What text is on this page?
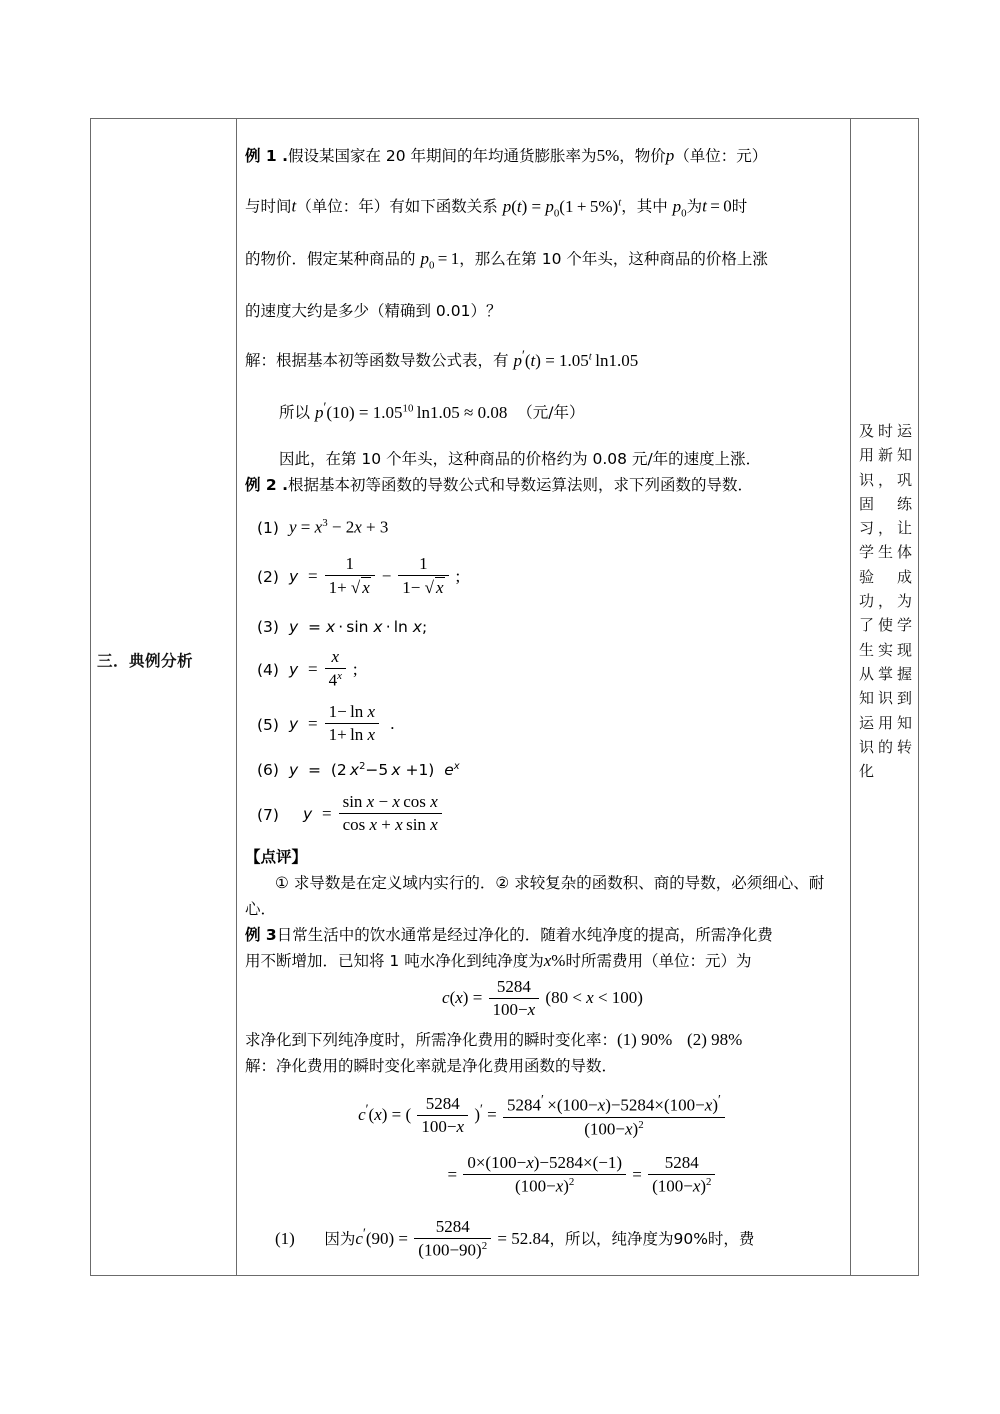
三．典例分析

例 1 .假设某国家在 20 年期间的年均通货膨胀率为5%，物价p（单位：元）

与时间t（单位：年）有如下函数关系 $p(t) = p_0(1 + 5\%)^t$，其中 $p_0$为t = 0时

的物价．假定某种商品的 $p_0 = 1$，那么在第 10 个年头，这种商品的价格上涨

的速度大约是多少（精确到 0.01）？

解：根据基本初等函数导数公式表，有 $p'(t) = 1.05^t$ ln1.05

所以 $p'(10) = 1.05^{10}$ ln1.05 ≈ 0.08 （元/年）

因此，在第 10 个年头，这种商品的价格约为 0.08 元/年的速度上涨．

例 2 .根据基本初等函数的导数公式和导数运算法则，求下列函数的导数．

(1) $y = x^3 - 2x + 3$
(2) $y = \frac{1}{1+ √ x} - \frac{1}{1- √ x}$ ;
(3) y  = x · sin x · ln x;
(4) $y = \frac{x}{4^x}$ ;
(5) $y = \frac{\text{1− ln x}}{\text{1+ ln x}}$ .
(6) y  =  (2 $x^2-5$ x +1)  $e^x$
(7)	$y = \frac{\text{sin x − x cos x}}{\text{cos x + x sin x}}$

【点评】

① 求导数是在定义域内实行的．② 求较复杂的函数积、商的导数，必须细心、耐心．

例 3日常生活中的饮水通常是经过净化的．随着水纯净度的提高，所需净化费

用不断增加．已知将 1 吨水净化到纯净度为x%时所需费用（单位：元）为

$c(x) = \frac{5284}{100-x} (80 < x < 100)$

求净化到下列纯净度时，所需净化费用的瞬时变化率：(1) 90% (2) 98%

解：净化费用的瞬时变化率就是净化费用函数的导数．

c′(x) = ( $\frac{5284}{100-x} )' = \frac{5284' \times(100-x)-5284\times(100-x)'}{(100-x)^2}$

= $\frac{0\times(100-x)-5284\times(-1)}{(100-x)^2} = \frac{5284}{(100-x)^2}$

(1) 因为$c'(90) = \frac{5284}{(100-90)^2} = 52.84$，所以，纯净度为90%时，费

及时运用新知识，巩固练习，让学生体验成功，为了使学生实现从掌握知识到运用知识的转化
